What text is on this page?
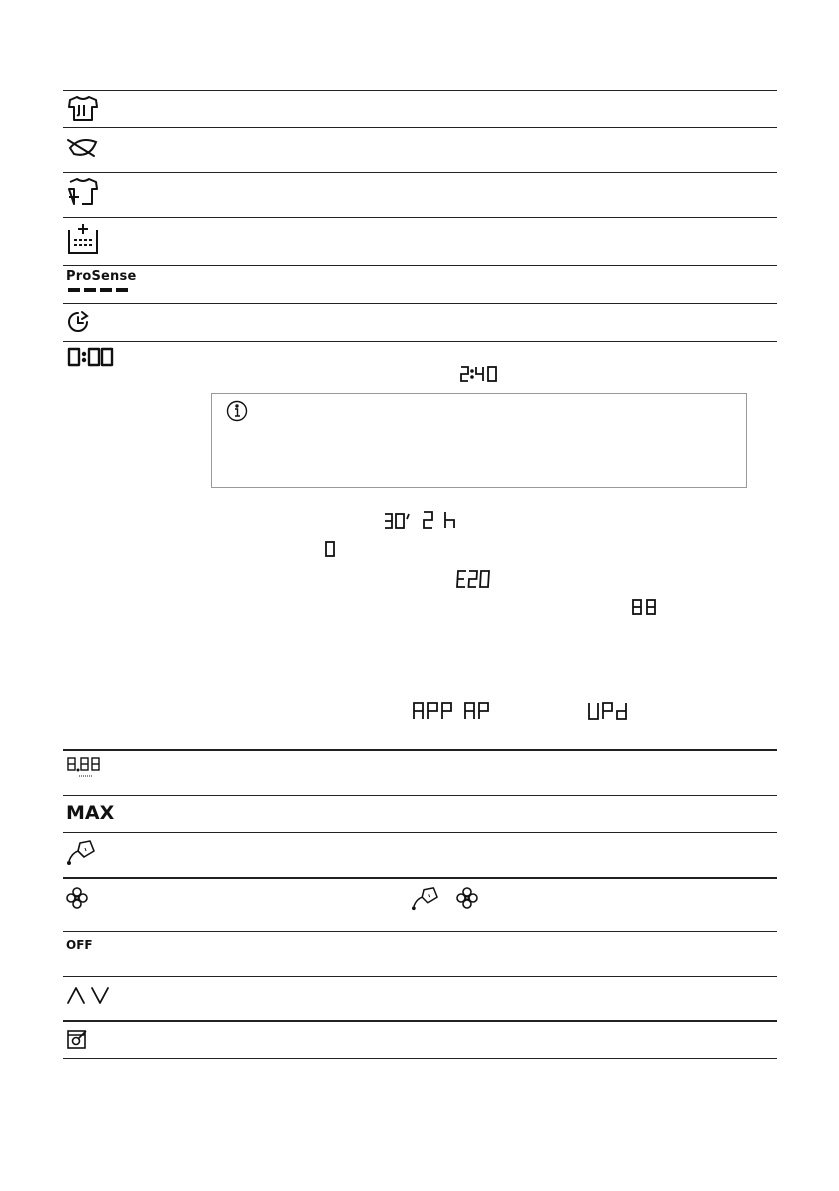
ProSense
MAX
OFF
